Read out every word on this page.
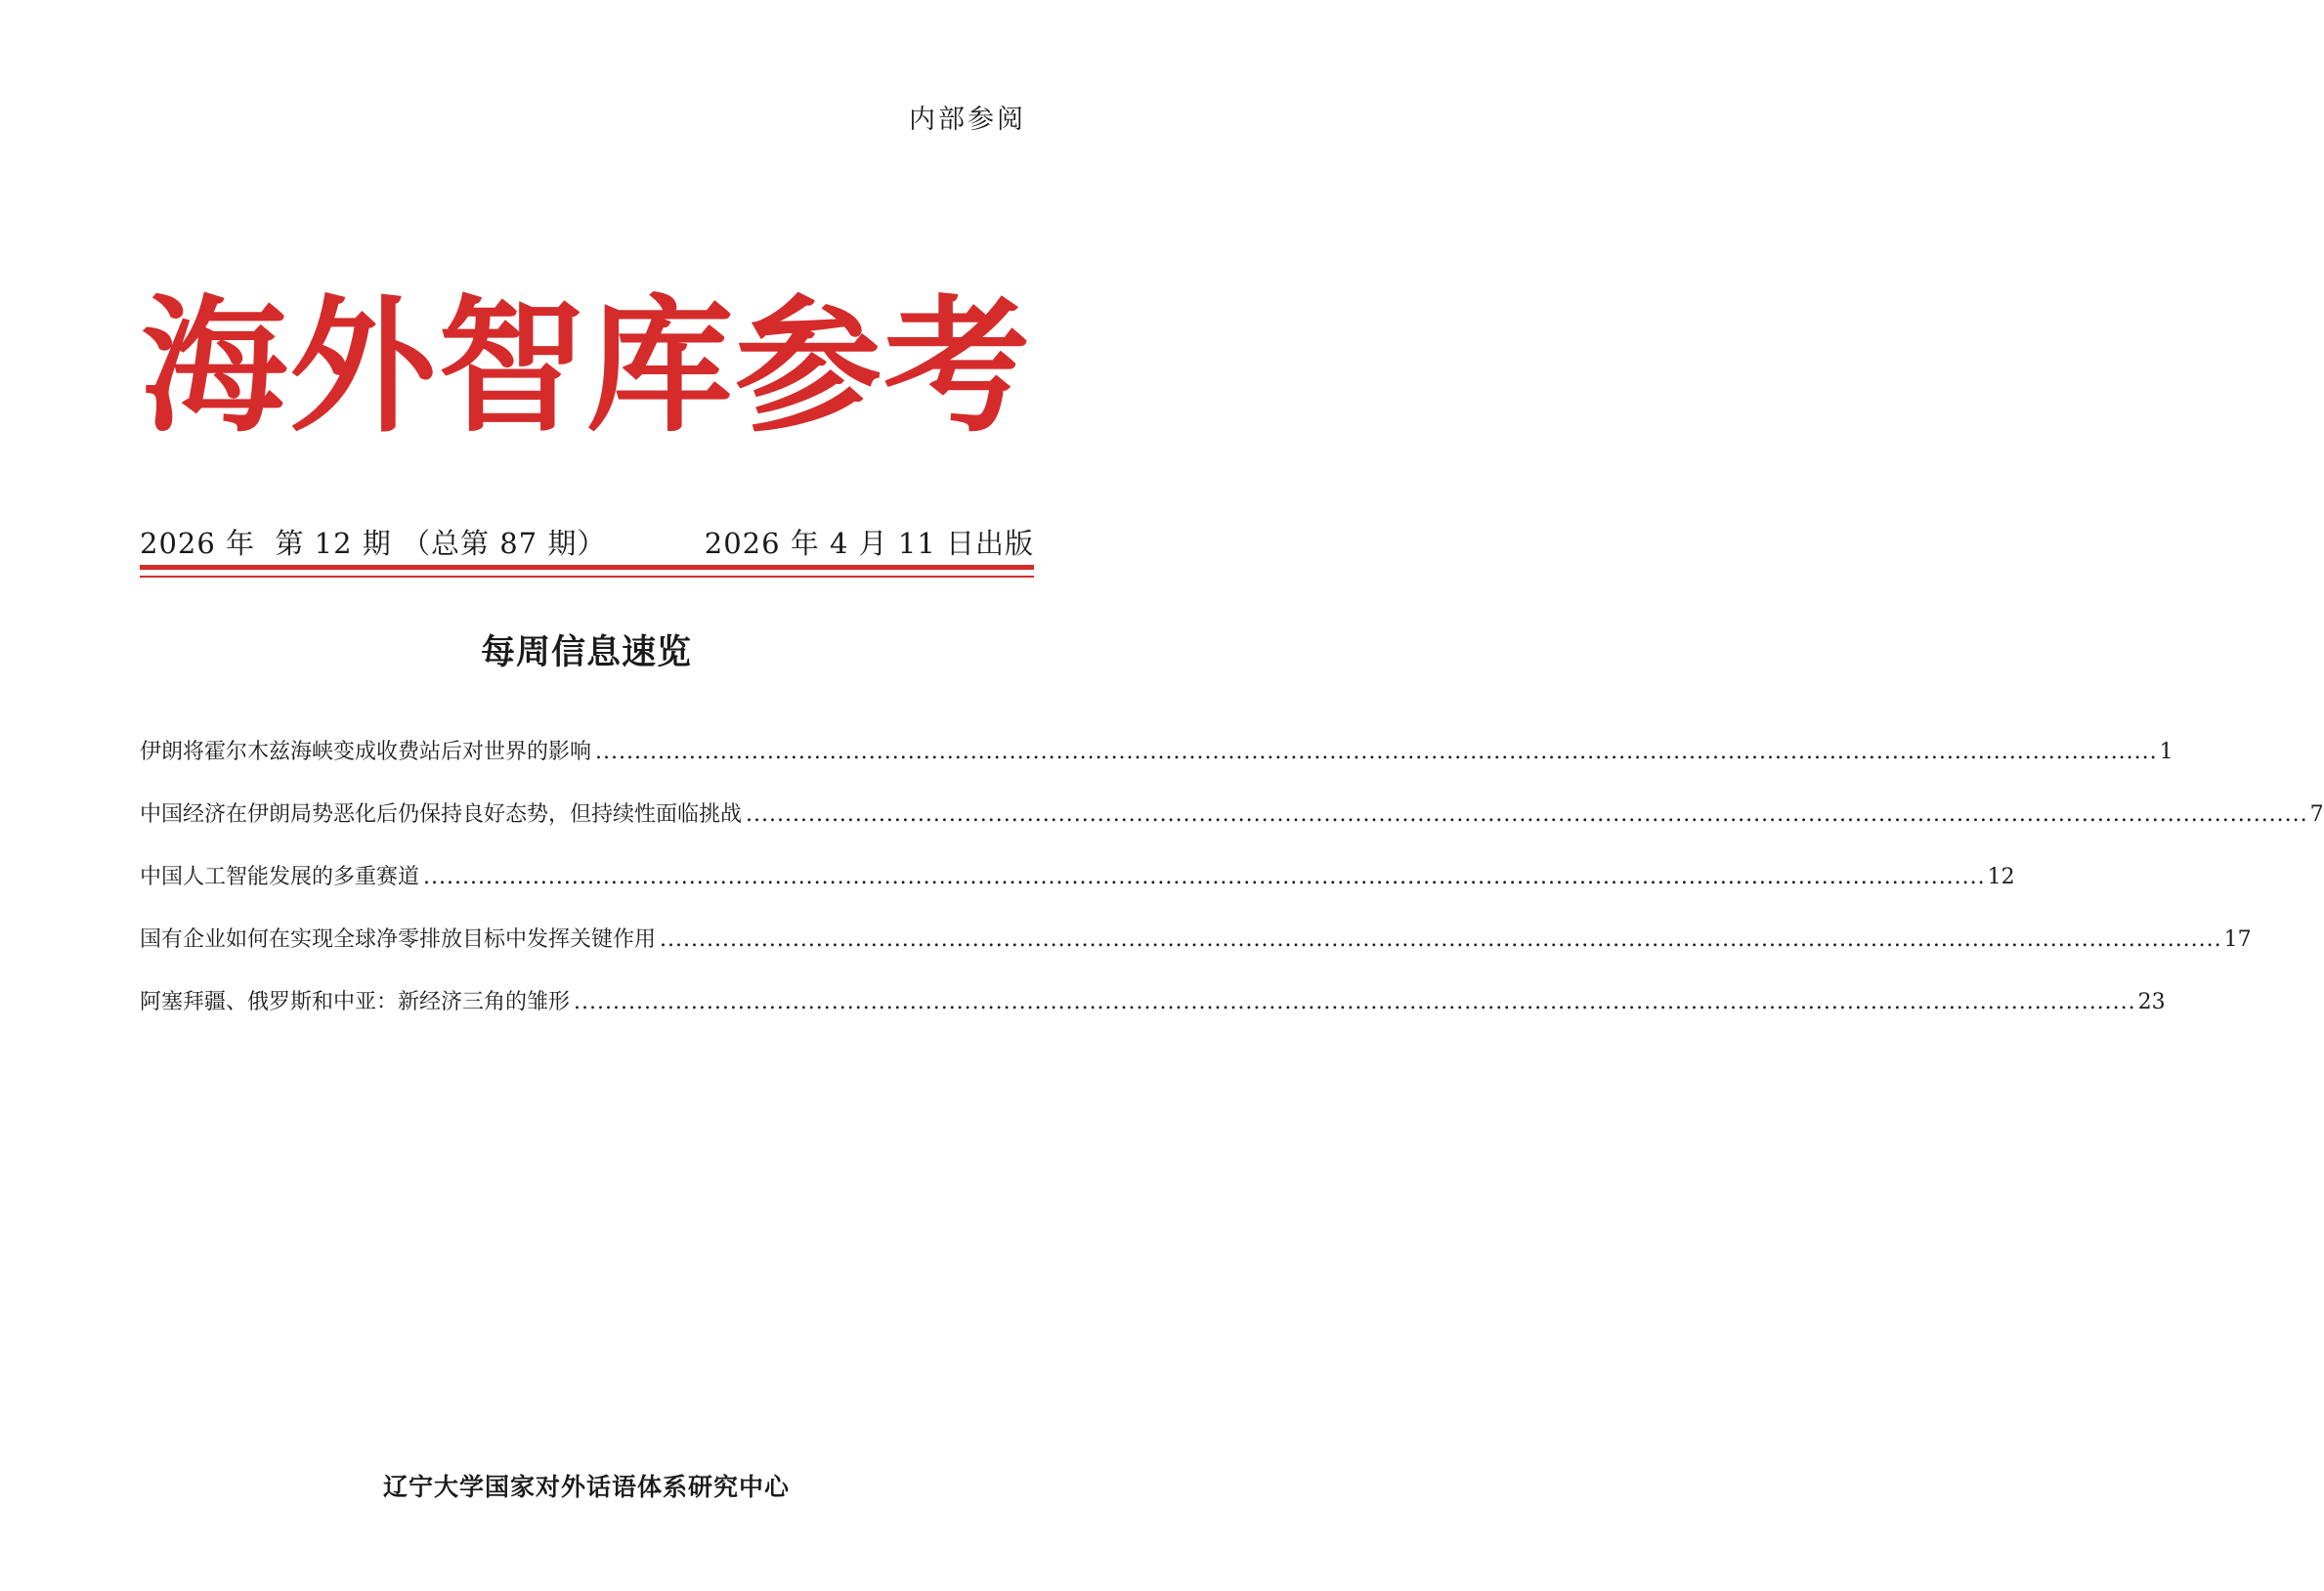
内部参阅
海外智库参考
2026 年  第 12 期 （总第 87 期）	2026 年 4 月 11 日出版
每周信息速览
伊朗将霍尔木兹海峡变成收费站后对世界的影响 ........................................................................................................................................................................................................ 1
中国经济在伊朗局势恶化后仍保持良好态势，但持续性面临挑战 ........................................................................................................................................................................................................ 7
中国人工智能发展的多重赛道 ........................................................................................................................................................................................................ 12
国有企业如何在实现全球净零排放目标中发挥关键作用 ........................................................................................................................................................................................................ 17
阿塞拜疆、俄罗斯和中亚：新经济三角的雏形 ........................................................................................................................................................................................................ 23
辽宁大学国家对外话语体系研究中心
